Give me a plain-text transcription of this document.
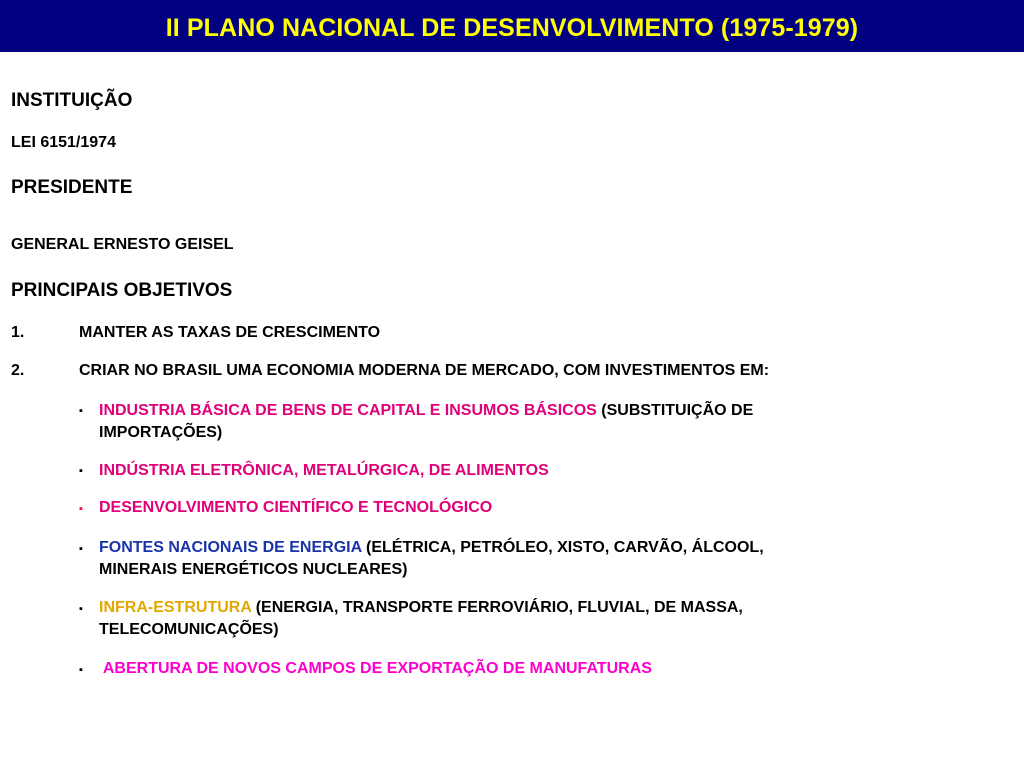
II PLANO NACIONAL DE DESENVOLVIMENTO (1975-1979)
INSTITUIÇÃO
LEI 6151/1974
PRESIDENTE
GENERAL ERNESTO GEISEL
PRINCIPAIS OBJETIVOS
1.	MANTER AS TAXAS DE CRESCIMENTO
2.	CRIAR NO BRASIL UMA ECONOMIA MODERNA DE MERCADO, COM INVESTIMENTOS EM:
▪ INDUSTRIA BÁSICA DE BENS DE CAPITAL E INSUMOS BÁSICOS (SUBSTITUIÇÃO DE
IMPORTAÇÕES)
▪ INDÚSTRIA ELETRÔNICA, METALÚRGICA, DE ALIMENTOS
▪ DESENVOLVIMENTO CIENTÍFICO E TECNOLÓGICO
▪ FONTES NACIONAIS DE ENERGIA (ELÉTRICA, PETRÓLEO, XISTO, CARVÃO, ÁLCOOL,
MINERAIS ENERGÉTICOS NUCLEARES)
▪ INFRA-ESTRUTURA (ENERGIA, TRANSPORTE FERROVIÁRIO, FLUVIAL, DE MASSA,
TELECOMUNICAÇÕES)
▪ ABERTURA DE NOVOS CAMPOS DE EXPORTAÇÃO DE MANUFATURAS
